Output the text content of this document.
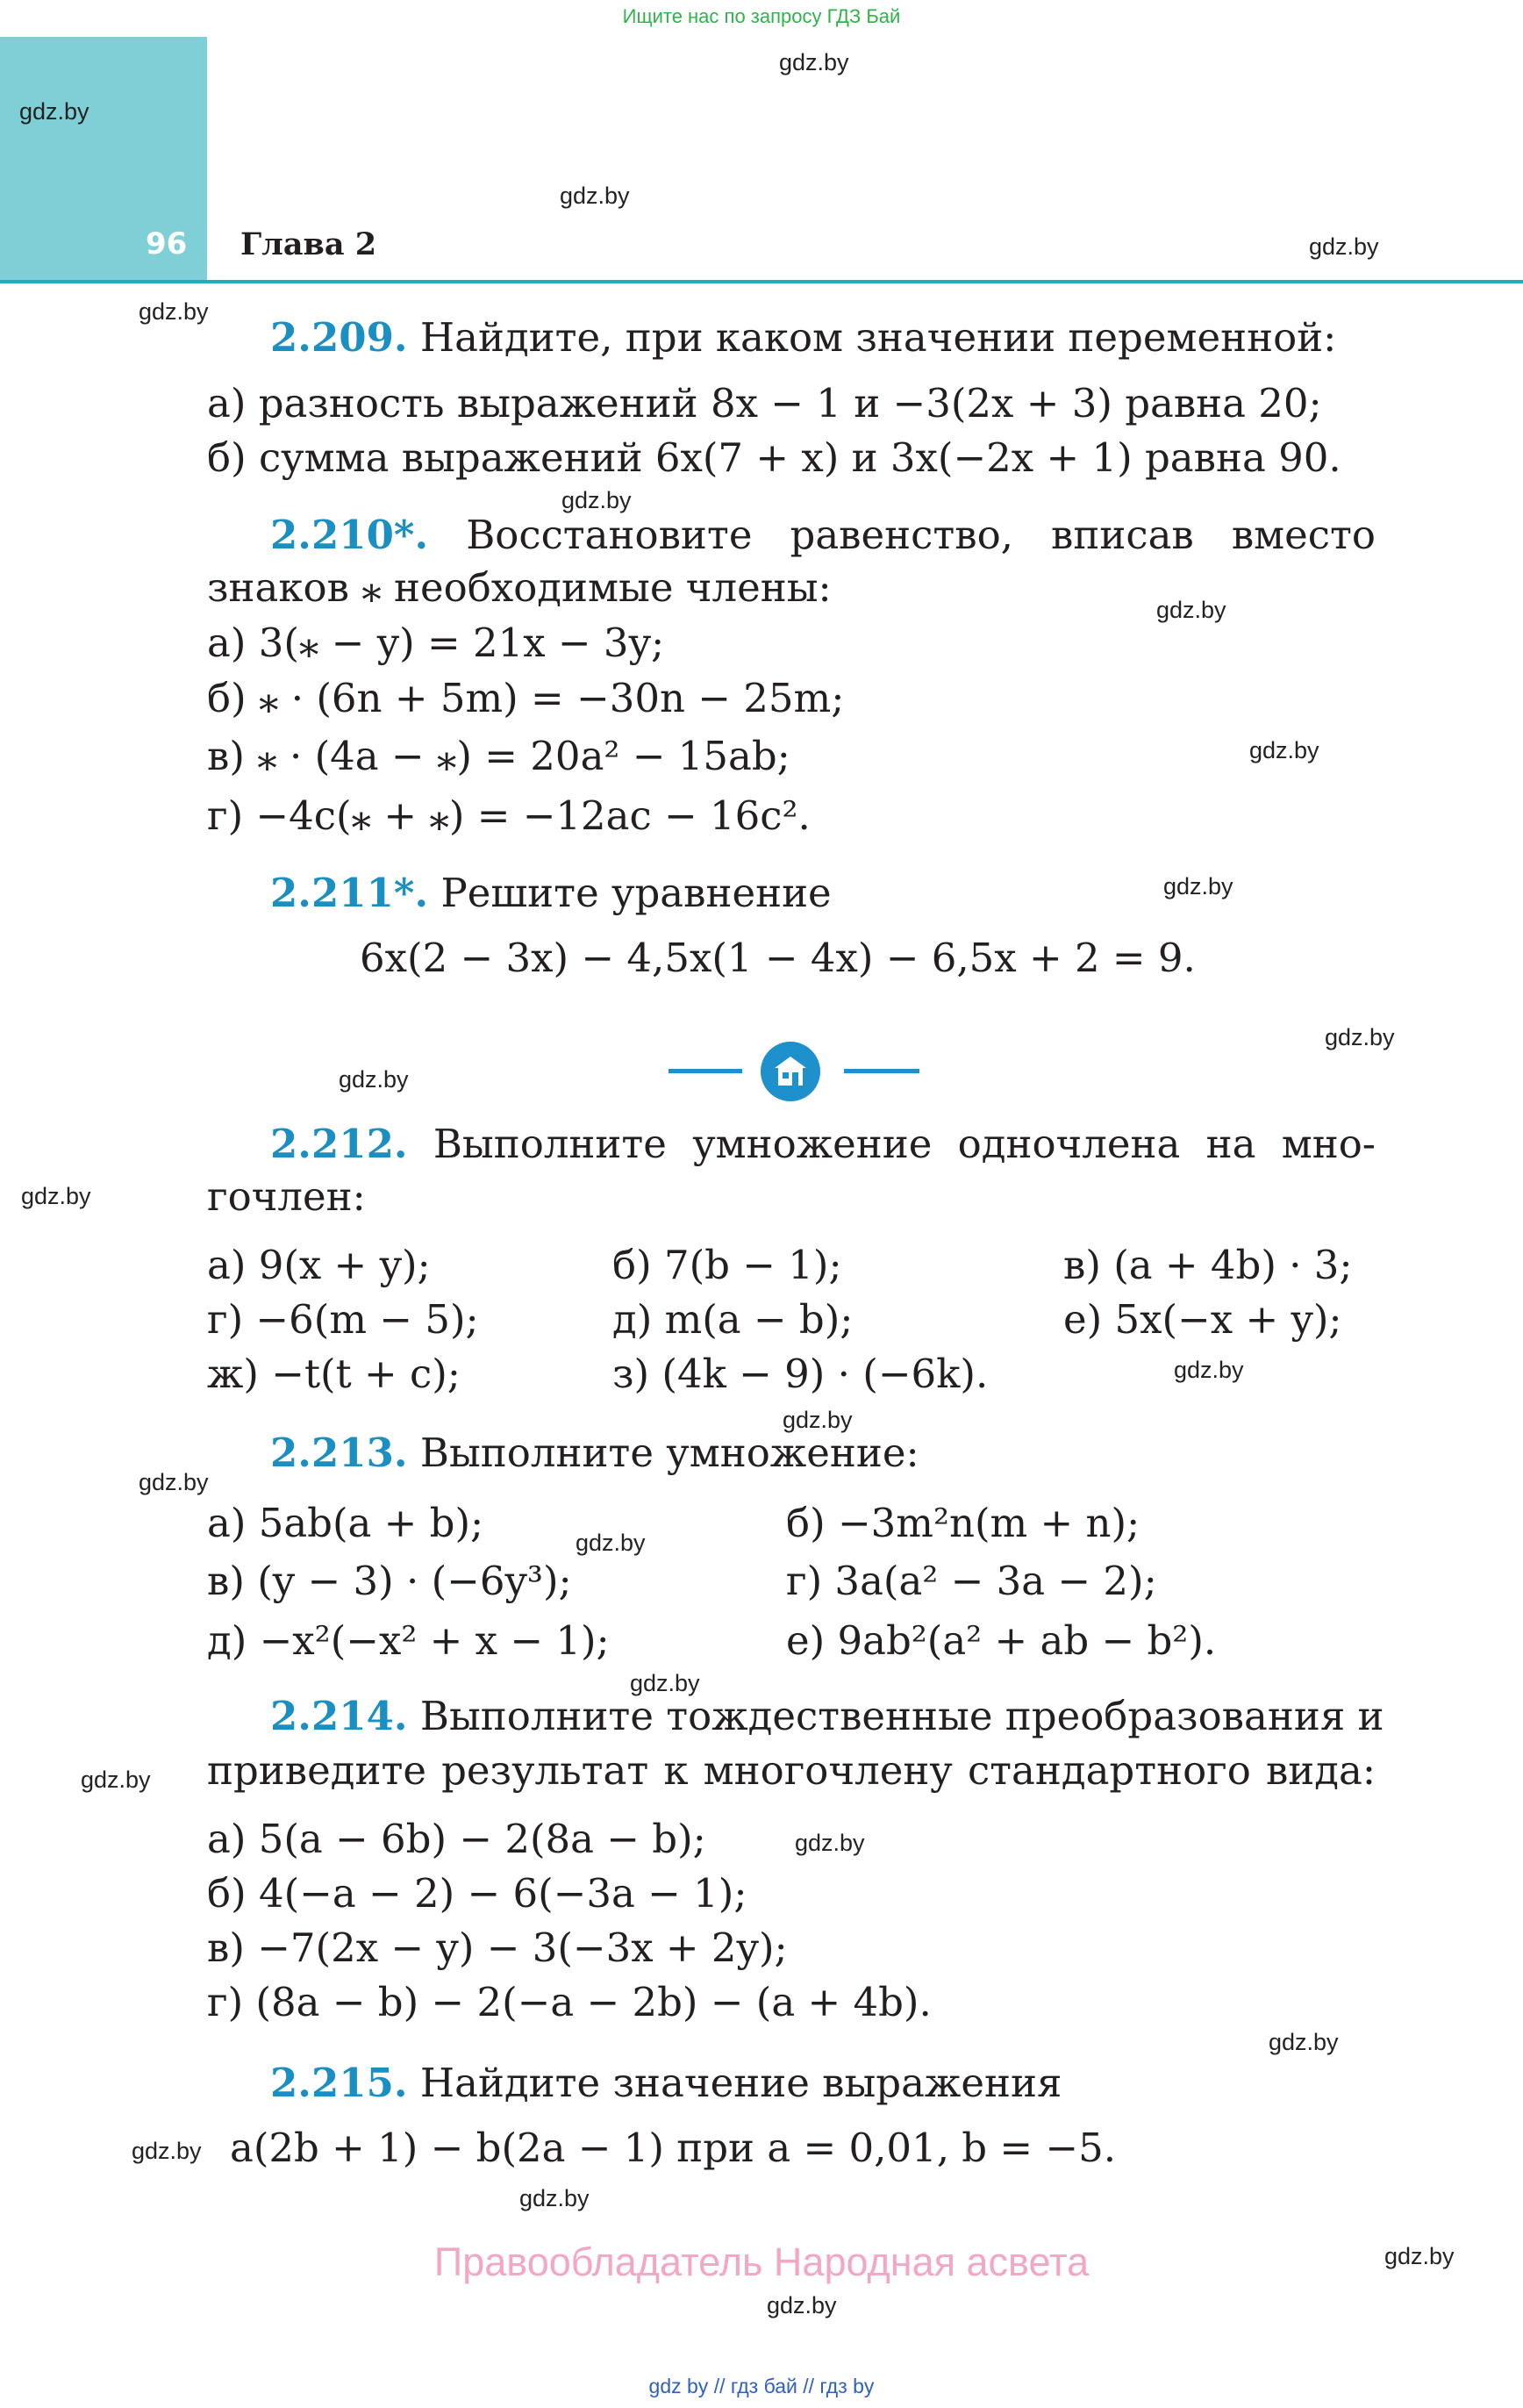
Ищите нас по запросу ГДЗ Бай
96 Глава 2
gdz.by
gdz.by
gdz.by
gdz.by
gdz.by
gdz.by
gdz.by
gdz.by
gdz.by
gdz.by
gdz.by
gdz.by
gdz.by
gdz.by
gdz.by
gdz.by
gdz.by
gdz.by
gdz.by
gdz.by
gdz.by
gdz.by
gdz.by
gdz.by
2.209. Найдите, при каком значении переменной:
а) разность выражений 8x − 1 и −3(2x + 3) равна 20;
б) сумма выражений 6x(7 + x) и 3x(−2x + 1) равна 90.
2.210*. Восстановите равенство, вписав вместо
знаков ⁎ необходимые члены:
а) 3(⁎ − y) = 21x − 3y;
б) ⁎ · (6n + 5m) = −30n − 25m;
в) ⁎ · (4a − ⁎) = 20a² − 15ab;
г) −4c(⁎ + ⁎) = −12ac − 16c².
2.211*. Решите уравнение
6x(2 − 3x) − 4,5x(1 − 4x) − 6,5x + 2 = 9.
2.212. Выполните умножение одночлена на мно-
гочлен:
а) 9(x + y);	б) 7(b − 1);	в) (a + 4b) · 3;
г) −6(m − 5);	д) m(a − b);	е) 5x(−x + y);
ж) −t(t + c);	з) (4k − 9) · (−6k).
2.213. Выполните умножение:
а) 5ab(a + b);	б) −3m²n(m + n);
в) (y − 3) · (−6y³);	г) 3a(a² − 3a − 2);
д) −x²(−x² + x − 1);	е) 9ab²(a² + ab − b²).
2.214. Выполните тождественные преобразования и
приведите результат к многочлену стандартного вида:
а) 5(a − 6b) − 2(8a − b);
б) 4(−a − 2) − 6(−3a − 1);
в) −7(2x − y) − 3(−3x + 2y);
г) (8a − b) − 2(−a − 2b) − (a + 4b).
2.215. Найдите значение выражения
a(2b + 1) − b(2a − 1) при a = 0,01, b = −5.
Правообладатель Народная асвета
gdz by // гдз бай // гдз by
